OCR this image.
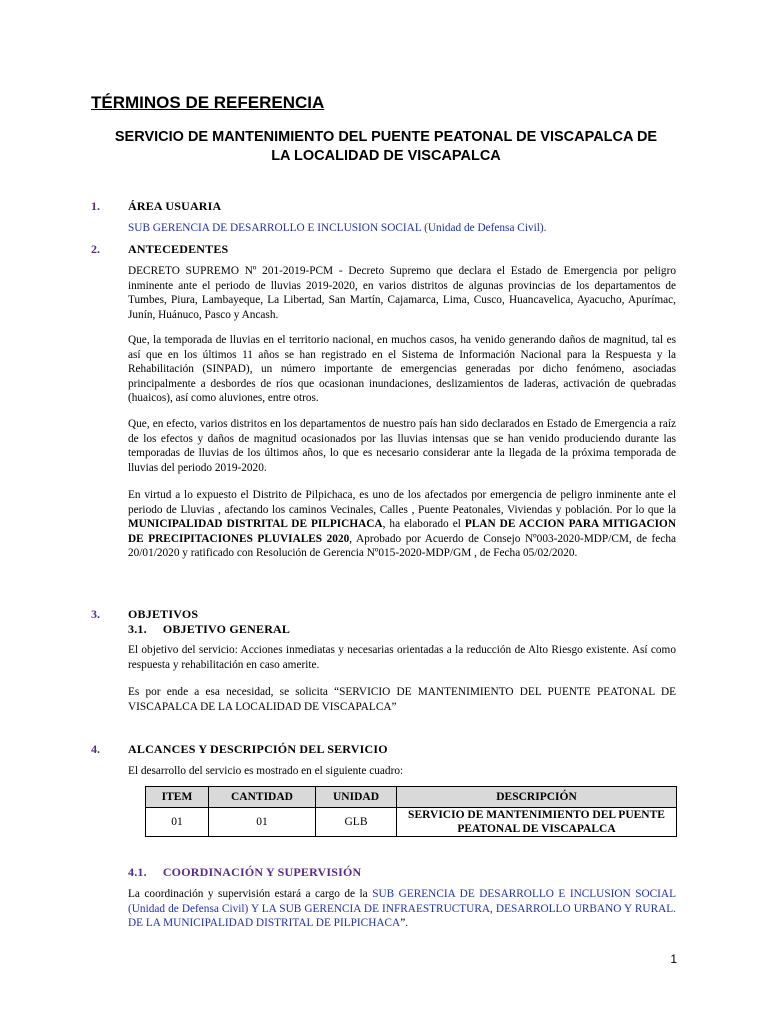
TÉRMINOS DE REFERENCIA
SERVICIO DE MANTENIMIENTO DEL PUENTE PEATONAL DE VISCAPALCA DE
LA LOCALIDAD DE VISCAPALCA
1. ÁREA USUARIA
SUB GERENCIA DE DESARROLLO E INCLUSION SOCIAL (Unidad de Defensa Civil).
2. ANTECEDENTES
DECRETO SUPREMO Nº 201-2019-PCM - Decreto Supremo que declara el Estado de Emergencia por peligro inminente ante el periodo de lluvias 2019-2020, en varios distritos de algunas provincias de los departamentos de Tumbes, Piura, Lambayeque, La Libertad, San Martín, Cajamarca, Lima, Cusco, Huancavelica, Ayacucho, Apurímac, Junín, Huánuco, Pasco y Ancash.
Que, la temporada de lluvias en el territorio nacional, en muchos casos, ha venido generando daños de magnitud, tal es así que en los últimos 11 años se han registrado en el Sistema de Información Nacional para la Respuesta y la Rehabilitación (SINPAD), un número importante de emergencias generadas por dicho fenómeno, asociadas principalmente a desbordes de ríos que ocasionan inundaciones, deslizamientos de laderas, activación de quebradas (huaicos), así como aluviones, entre otros.
Que, en efecto, varios distritos en los departamentos de nuestro país han sido declarados en Estado de Emergencia a raíz de los efectos y daños de magnitud ocasionados por las lluvias intensas que se han venido produciendo durante las temporadas de lluvias de los últimos años, lo que es necesario considerar ante la llegada de la próxima temporada de lluvias del periodo 2019-2020.
En virtud a lo expuesto el Distrito de Pilpichaca, es uno de los afectados por emergencia de peligro inminente ante el periodo de Lluvias , afectando los caminos Vecinales, Calles , Puente Peatonales, Viviendas y población. Por lo que la MUNICIPALIDAD DISTRITAL DE PILPICHACA, ha elaborado el PLAN DE ACCION PARA MITIGACION DE PRECIPITACIONES PLUVIALES 2020, Aprobado por Acuerdo de Consejo Nº003-2020-MDP/CM, de fecha 20/01/2020 y ratificado con Resolución de Gerencia Nº015-2020-MDP/GM , de Fecha 05/02/2020.
3. OBJETIVOS
3.1. OBJETIVO GENERAL
El objetivo del servicio: Acciones inmediatas y necesarias orientadas a la reducción de Alto Riesgo existente. Así como respuesta y rehabilitación en caso amerite.
Es por ende a esa necesidad, se solicita “SERVICIO DE MANTENIMIENTO DEL PUENTE PEATONAL DE VISCAPALCA DE LA LOCALIDAD DE VISCAPALCA”
4. ALCANCES Y DESCRIPCIÓN DEL SERVICIO
El desarrollo del servicio es mostrado en el siguiente cuadro:
ITEM	CANTIDAD	UNIDAD	DESCRIPCIÓN
01	01	GLB	SERVICIO DE MANTENIMIENTO DEL PUENTE PEATONAL DE VISCAPALCA
4.1. COORDINACIÓN Y SUPERVISIÓN
La coordinación y supervisión estará a cargo de la SUB GERENCIA DE DESARROLLO E INCLUSION SOCIAL (Unidad de Defensa Civil) Y LA SUB GERENCIA DE INFRAESTRUCTURA, DESARROLLO URBANO Y RURAL. DE LA MUNICIPALIDAD DISTRITAL DE PILPICHACA”.
1
